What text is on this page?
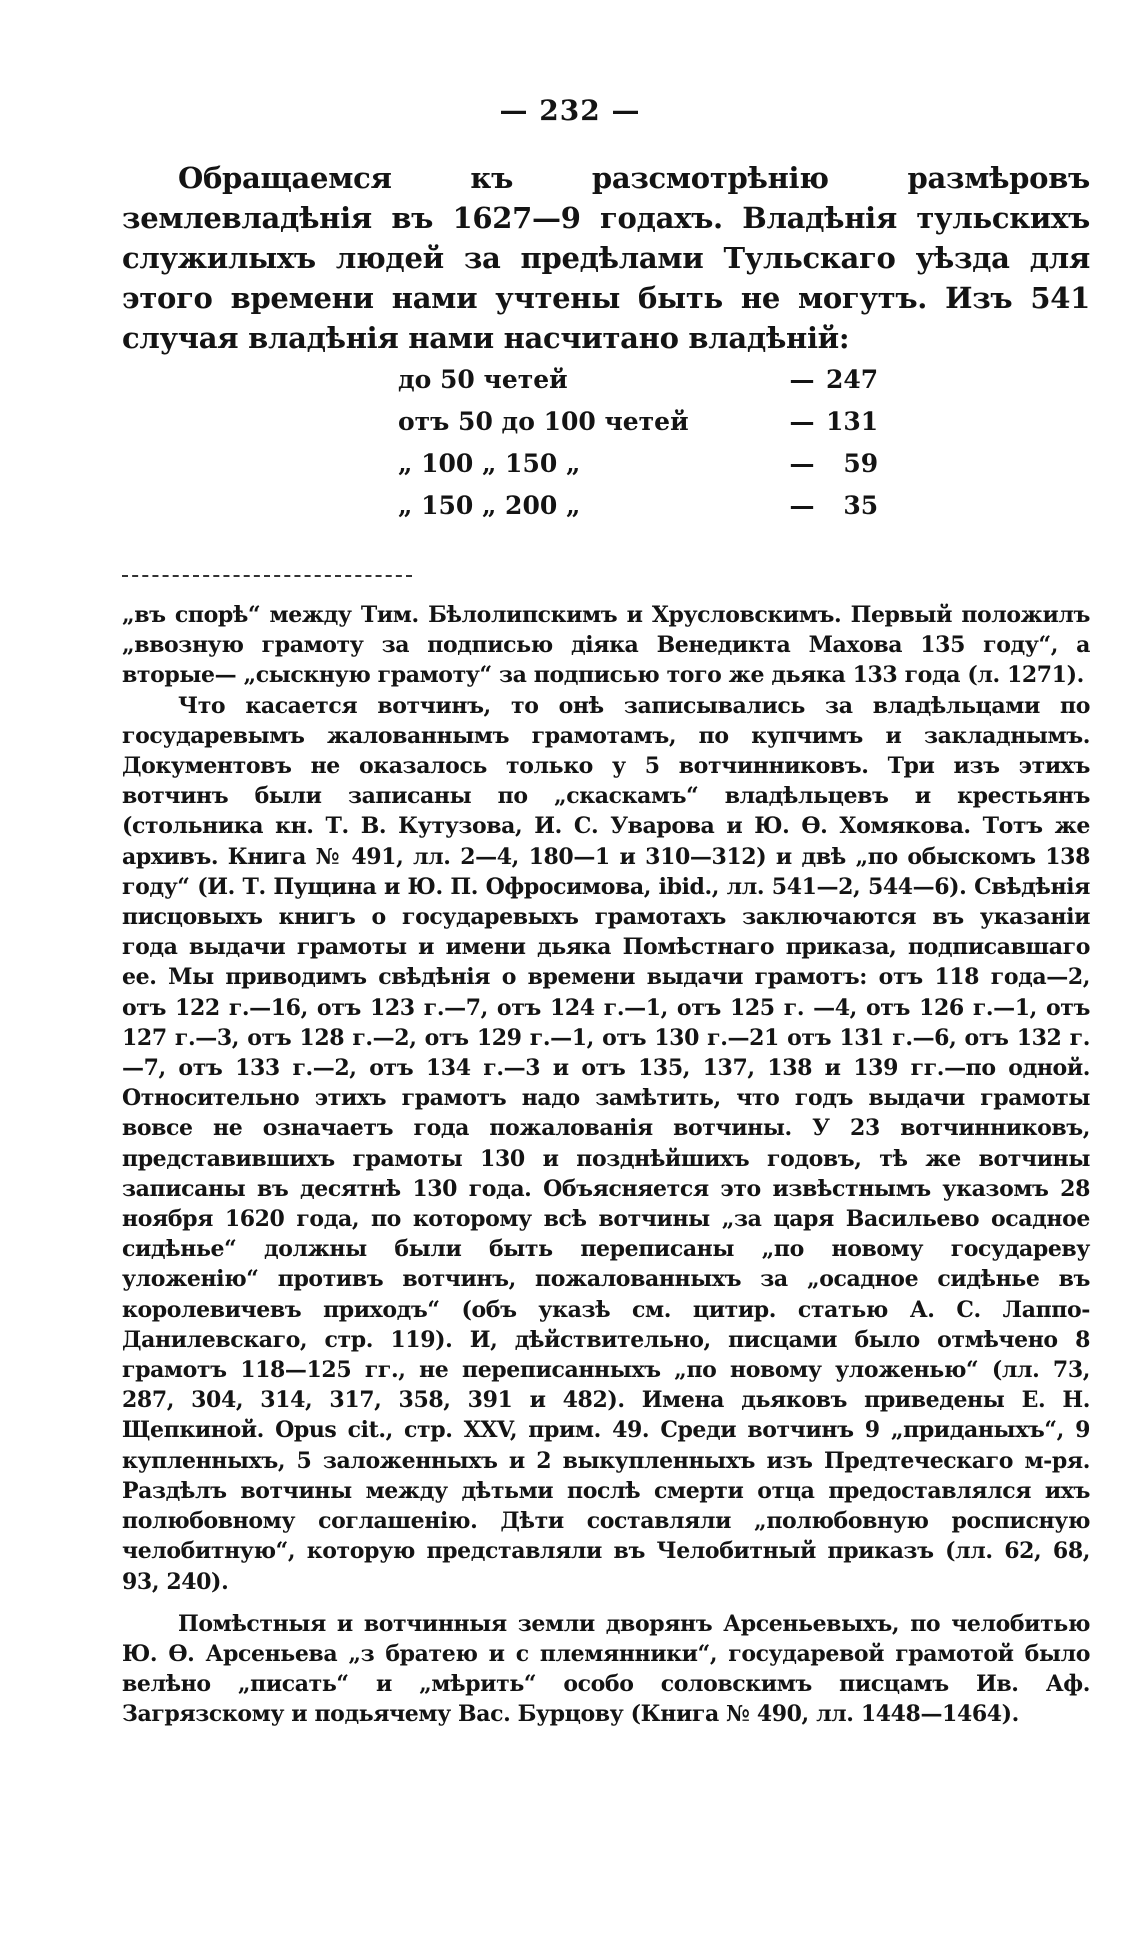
— 232 —

Обращаемся къ разсмотрѣнію размѣровъ землевладѣнія въ 1627—9 годахъ. Владѣнія тульскихъ служилыхъ людей за предѣлами Тульскаго уѣзда для этого времени нами учтены быть не могутъ. Изъ 541 случая владѣнія нами насчитано владѣній:

до 50 четей	—	247
отъ 50 до 100 четей	—	131
„ 100 „ 150 „	—	59
„ 150 „ 200 „	—	35

„въ спорѣ“ между Тим. Бѣлолипскимъ и Хрусловскимъ. Первый положилъ „ввозную грамоту за подписью дiяка Венедикта Махова 135 году“, а вторые— „сыскную грамоту“ за подписью того же дьяка 133 года (л. 1271).

Что касается вотчинъ, то онѣ записывались за владѣльцами по государевымъ жалованнымъ грамотамъ, по купчимъ и закладнымъ. Документовъ не оказалось только у 5 вотчинниковъ. Три изъ этихъ вотчинъ были записаны по „скаскамъ“ владѣльцевъ и крестьянъ (стольника кн. Т. В. Кутузова, И. С. Уварова и Ю. Ѳ. Хомякова. Тотъ же архивъ. Книга № 491, лл. 2—4, 180—1 и 310—312) и двѣ „по обыскомъ 138 году“ (И. Т. Пущина и Ю. П. Офросимова, ibid., лл. 541—2, 544—6). Свѣдѣнія писцовыхъ книгъ о государевыхъ грамотахъ заключаются въ указаніи года выдачи грамоты и имени дьяка Помѣстнаго приказа, подписавшаго ее. Мы приводимъ свѣдѣнія о времени выдачи грамотъ: отъ 118 года—2, отъ 122 г.—16, отъ 123 г.—7, отъ 124 г.—1, отъ 125 г. —4, отъ 126 г.—1, отъ 127 г.—3, отъ 128 г.—2, отъ 129 г.—1, отъ 130 г.—21 отъ 131 г.—6, отъ 132 г.—7, отъ 133 г.—2, отъ 134 г.—3 и отъ 135, 137, 138 и 139 гг.—по одной. Относительно этихъ грамотъ надо замѣтить, что годъ выдачи грамоты вовсе не означаетъ года пожалованія вотчины. У 23 вотчинниковъ, представившихъ грамоты 130 и позднѣйшихъ годовъ, тѣ же вотчины записаны въ десятнѣ 130 года. Объясняется это извѣстнымъ указомъ 28 ноября 1620 года, по которому всѣ вотчины „за царя Васильево осадное сидѣнье“ должны были быть переписаны „по новому государеву уложенію“ противъ вотчинъ, пожалованныхъ за „осадное сидѣнье въ королевичевъ приходъ“ (объ указѣ см. цитир. статью А. С. Лаппо-Данилевскаго, стр. 119). И, дѣйствительно, писцами было отмѣчено 8 грамотъ 118—125 гг., не переписанныхъ „по новому уложенью“ (лл. 73, 287, 304, 314, 317, 358, 391 и 482). Имена дьяковъ приведены Е. Н. Щепкиной. Opus cit., стр. XXV, прим. 49. Среди вотчинъ 9 „приданыхъ“, 9 купленныхъ, 5 заложенныхъ и 2 выкупленныхъ изъ Предтеческаго м-ря. Раздѣлъ вотчины между дѣтьми послѣ смерти отца предоставлялся ихъ полюбовному соглашенію. Дѣти составляли „полюбовную росписную челобитную“, которую представляли въ Челобитный приказъ (лл. 62, 68, 93, 240).

Помѣстныя и вотчинныя земли дворянъ Арсеньевыхъ, по челобитью Ю. Ѳ. Арсеньева „з братею и с племянники“, государевой грамотой было велѣно „писать“ и „мѣрить“ особо соловскимъ писцамъ Ив. Аф. Загрязскому и подьячему Вас. Бурцову (Книга № 490, лл. 1448—1464).
